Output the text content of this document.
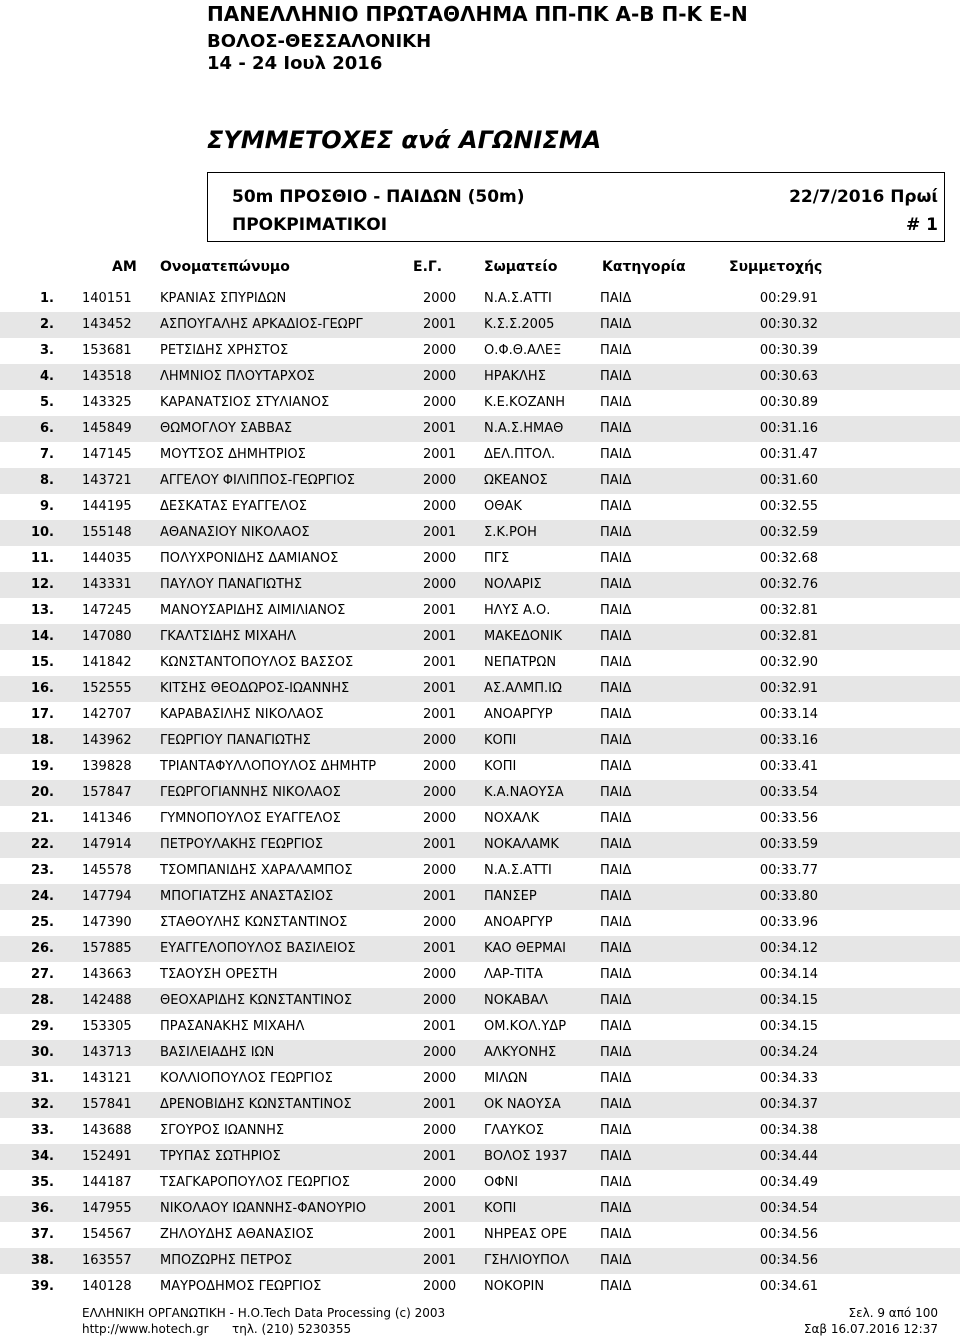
ΠΑΝΕΛΛΗΝΙΟ ΠΡΩΤΑΘΛΗΜΑ ΠΠ-ΠΚ Α-Β Π-Κ Ε-Ν
ΒΟΛΟΣ-ΘΕΣΣΑΛΟΝΙΚΗ
14 - 24 Ιουλ 2016
ΣΥΜΜΕΤΟΧΕΣ ανά ΑΓΩΝΙΣΜΑ
50m ΠΡΟΣΘΙΟ - ΠΑΙΔΩΝ (50m)
ΠΡΟΚΡΙΜΑΤΙΚΟΙ
22/7/2016 Πρωί
# 1
ΑΜ Ονοματεπώνυμο	Ε.Γ.	Σωματείο	Κατηγορία	Συμμετοχής
1. 140151 ΚΡΑΝΙΑΣ ΣΠΥΡΙΔΩΝ	2000 Ν.Α.Σ.ΑΤΤΙ	ΠΑΙΔ	00:29.91
2. 143452 ΑΣΠΟΥΓΑΛΗΣ ΑΡΚΑΔΙΟΣ-ΓΕΩΡΓ	2001 Κ.Σ.Σ.2005	ΠΑΙΔ	00:30.32
3. 153681 ΡΕΤΣΙΔΗΣ ΧΡΗΣΤΟΣ	2000 Ο.Φ.Θ.ΑΛΕΞ	ΠΑΙΔ	00:30.39
4. 143518 ΛΗΜΝΙΟΣ ΠΛΟΥΤΑΡΧΟΣ	2000 ΗΡΑΚΛΗΣ	ΠΑΙΔ	00:30.63
5. 143325 ΚΑΡΑΝΑΤΣΙΟΣ ΣΤΥΛΙΑΝΟΣ	2000 Κ.Ε.ΚΟΖΑΝΗ	ΠΑΙΔ	00:30.89
6. 145849 ΘΩΜΟΓΛΟΥ ΣΑΒΒΑΣ	2001 Ν.Α.Σ.ΗΜΑΘ	ΠΑΙΔ	00:31.16
7. 147145 ΜΟΥΤΣΟΣ ΔΗΜΗΤΡΙΟΣ	2001 ΔΕΛ.ΠΤΟΛ.	ΠΑΙΔ	00:31.47
8. 143721 ΑΓΓΕΛΟΥ ΦΙΛΙΠΠΟΣ-ΓΕΩΡΓΙΟΣ	2000 ΩΚΕΑΝΟΣ	ΠΑΙΔ	00:31.60
9. 144195 ΔΕΣΚΑΤΑΣ ΕΥΑΓΓΕΛΟΣ	2000 ΟΘΑΚ	ΠΑΙΔ	00:32.55
10. 155148 ΑΘΑΝΑΣΙΟΥ ΝΙΚΟΛΑΟΣ	2001 Σ.Κ.ΡΟΗ	ΠΑΙΔ	00:32.59
11. 144035 ΠΟΛΥΧΡΟΝΙΔΗΣ ΔΑΜΙΑΝΟΣ	2000 ΠΓΣ	ΠΑΙΔ	00:32.68
12. 143331 ΠΑΥΛΟΥ ΠΑΝΑΓΙΩΤΗΣ	2000 ΝΟΛΑΡΙΣ	ΠΑΙΔ	00:32.76
13. 147245 ΜΑΝΟΥΣΑΡΙΔΗΣ ΑΙΜΙΛΙΑΝΟΣ	2001 ΗΛΥΣ Α.Ο.	ΠΑΙΔ	00:32.81
14. 147080 ΓΚΑΛΤΣΙΔΗΣ ΜΙΧΑΗΛ	2001 ΜΑΚΕΔΟΝΙΚ	ΠΑΙΔ	00:32.81
15. 141842 ΚΩΝΣΤΑΝΤΟΠΟΥΛΟΣ ΒΑΣΣΟΣ	2001 ΝΕΠΑΤΡΩΝ	ΠΑΙΔ	00:32.90
16. 152555 ΚΙΤΣΗΣ ΘΕΟΔΩΡΟΣ-ΙΩΑΝΝΗΣ	2001 ΑΣ.ΑΛΜΠ.ΙΩ	ΠΑΙΔ	00:32.91
17. 142707 ΚΑΡΑΒΑΣΙΛΗΣ ΝΙΚΟΛΑΟΣ	2001 ΑΝΟΑΡΓΥΡ	ΠΑΙΔ	00:33.14
18. 143962 ΓΕΩΡΓΙΟΥ ΠΑΝΑΓΙΩΤΗΣ	2000 ΚΟΠΙ	ΠΑΙΔ	00:33.16
19. 139828 ΤΡΙΑΝΤΑΦΥΛΛΟΠΟΥΛΟΣ ΔΗΜΗΤΡ	2000 ΚΟΠΙ	ΠΑΙΔ	00:33.41
20. 157847 ΓΕΩΡΓΟΓΙΑΝΝΗΣ ΝΙΚΟΛΑΟΣ	2000 Κ.Α.ΝΑΟΥΣΑ	ΠΑΙΔ	00:33.54
21. 141346 ΓΥΜΝΟΠΟΥΛΟΣ ΕΥΑΓΓΕΛΟΣ	2000 ΝΟΧΑΛΚ	ΠΑΙΔ	00:33.56
22. 147914 ΠΕΤΡΟΥΛΑΚΗΣ ΓΕΩΡΓΙΟΣ	2001 ΝΟΚΑΛΑΜΚ	ΠΑΙΔ	00:33.59
23. 145578 ΤΣΟΜΠΑΝΙΔΗΣ ΧΑΡΑΛΑΜΠΟΣ	2000 Ν.Α.Σ.ΑΤΤΙ	ΠΑΙΔ	00:33.77
24. 147794 ΜΠΟΓΙΑΤΖΗΣ ΑΝΑΣΤΑΣΙΟΣ	2001 ΠΑΝΣΕΡ	ΠΑΙΔ	00:33.80
25. 147390 ΣΤΑΘΟΥΛΗΣ ΚΩΝΣΤΑΝΤΙΝΟΣ	2000 ΑΝΟΑΡΓΥΡ	ΠΑΙΔ	00:33.96
26. 157885 ΕΥΑΓΓΕΛΟΠΟΥΛΟΣ ΒΑΣΙΛΕΙΟΣ	2001 ΚΑΟ ΘΕΡΜΑΙ	ΠΑΙΔ	00:34.12
27. 143663 ΤΣΑΟΥΣΗ ΟΡΕΣΤΗ	2000 ΛΑΡ-ΤΙΤΑ	ΠΑΙΔ	00:34.14
28. 142488 ΘΕΟΧΑΡΙΔΗΣ ΚΩΝΣΤΑΝΤΙΝΟΣ	2000 ΝΟΚΑΒΑΛ	ΠΑΙΔ	00:34.15
29. 153305 ΠΡΑΣΑΝΑΚΗΣ ΜΙΧΑΗΛ	2001 ΟΜ.ΚΟΛ.ΥΔΡ	ΠΑΙΔ	00:34.15
30. 143713 ΒΑΣΙΛΕΙΑΔΗΣ ΙΩΝ	2000 ΑΛΚΥΟΝΗΣ	ΠΑΙΔ	00:34.24
31. 143121 ΚΟΛΛΙΟΠΟΥΛΟΣ ΓΕΩΡΓΙΟΣ	2000 ΜΙΛΩΝ	ΠΑΙΔ	00:34.33
32. 157841 ΔΡΕΝΟΒΙΔΗΣ ΚΩΝΣΤΑΝΤΙΝΟΣ	2001 ΟΚ ΝΑΟΥΣΑ	ΠΑΙΔ	00:34.37
33. 143688 ΣΓΟΥΡΟΣ ΙΩΑΝΝΗΣ	2000 ΓΛΑΥΚΟΣ	ΠΑΙΔ	00:34.38
34. 152491 ΤΡΥΠΑΣ ΣΩΤΗΡΙΟΣ	2001 ΒΟΛΟΣ 1937 ΠΑΙΔ	00:34.44
35. 144187 ΤΣΑΓΚΑΡΟΠΟΥΛΟΣ ΓΕΩΡΓΙΟΣ	2000 ΟΦΝΙ	ΠΑΙΔ	00:34.49
36. 147955 ΝΙΚΟΛΑΟΥ ΙΩΑΝΝΗΣ-ΦΑΝΟΥΡΙΟ	2001 ΚΟΠΙ	ΠΑΙΔ	00:34.54
37. 154567 ΖΗΛΟΥΔΗΣ ΑΘΑΝΑΣΙΟΣ	2001 ΝΗΡΕΑΣ ΟΡΕ	ΠΑΙΔ	00:34.56
38. 163557 ΜΠΟΖΩΡΗΣ ΠΕΤΡΟΣ	2001 ΓΣΗΛΙΟΥΠΟΛ ΠΑΙΔ	00:34.56
39. 140128 ΜΑΥΡΟΔΗΜΟΣ ΓΕΩΡΓΙΟΣ	2000 ΝΟΚΟΡΙΝ	ΠΑΙΔ	00:34.61
ΕΛΛΗΝΙΚΗ ΟΡΓΑΝΩΤΙΚΗ - Η.Ο.Tech Data Processing (c) 2003
http://www.hotech.gr τηλ. (210) 5230355
Σελ. 9 από 100
Σαβ 16.07.2016 12:37
